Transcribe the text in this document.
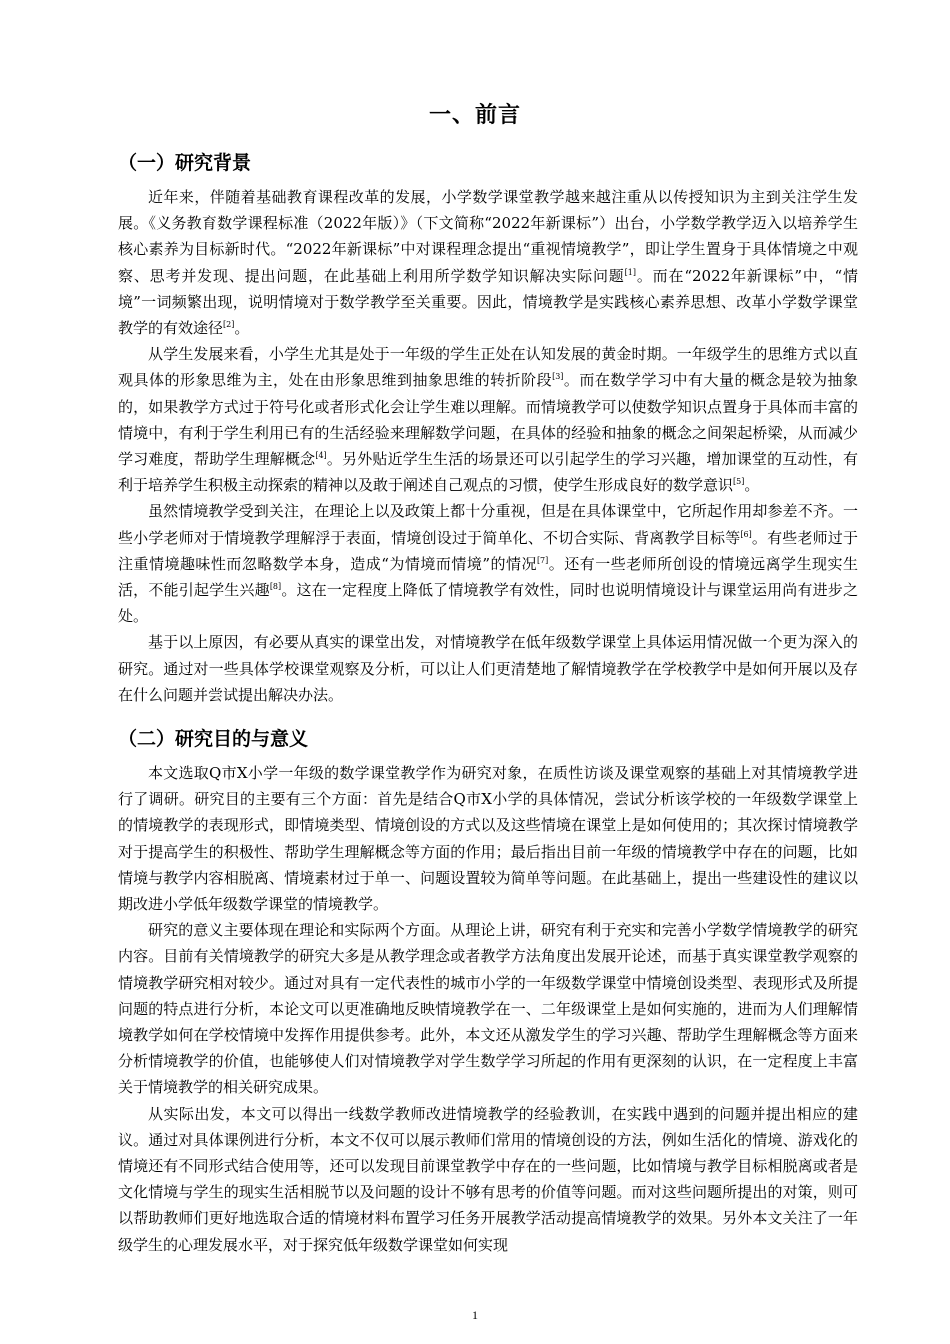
一、前言
（一）研究背景

近年来，伴随着基础教育课程改革的发展，小学数学课堂教学越来越注重从以传授知识为主到关注学生发展。《义务教育数学课程标准（2022年版）》（下文简称“2022年新课标”）出台，小学数学教学迈入以培养学生核心素养为目标新时代。“2022年新课标”中对课程理念提出“重视情境教学”，即让学生置身于具体情境之中观察、思考并发现、提出问题，在此基础上利用所学数学知识解决实际问题[1]。而在“2022年新课标”中，“情境”一词频繁出现，说明情境对于数学教学至关重要。因此，情境教学是实践核心素养思想、改革小学数学课堂教学的有效途径[2]。

从学生发展来看，小学生尤其是处于一年级的学生正处在认知发展的黄金时期。一年级学生的思维方式以直观具体的形象思维为主，处在由形象思维到抽象思维的转折阶段[3]。而在数学学习中有大量的概念是较为抽象的，如果教学方式过于符号化或者形式化会让学生难以理解。而情境教学可以使数学知识点置身于具体而丰富的情境中，有利于学生利用已有的生活经验来理解数学问题，在具体的经验和抽象的概念之间架起桥梁，从而减少学习难度，帮助学生理解概念[4]。另外贴近学生生活的场景还可以引起学生的学习兴趣，增加课堂的互动性，有利于培养学生积极主动探索的精神以及敢于阐述自己观点的习惯，使学生形成良好的数学意识[5]。

虽然情境教学受到关注，在理论上以及政策上都十分重视，但是在具体课堂中，它所起作用却参差不齐。一些小学老师对于情境教学理解浮于表面，情境创设过于简单化、不切合实际、背离教学目标等[6]。有些老师过于注重情境趣味性而忽略数学本身，造成“为情境而情境”的情况[7]。还有一些老师所创设的情境远离学生现实生活，不能引起学生兴趣[8]。这在一定程度上降低了情境教学有效性，同时也说明情境设计与课堂运用尚有进步之处。

基于以上原因，有必要从真实的课堂出发，对情境教学在低年级数学课堂上具体运用情况做一个更为深入的研究。通过对一些具体学校课堂观察及分析，可以让人们更清楚地了解情境教学在学校教学中是如何开展以及存在什么问题并尝试提出解决办法。

（二）研究目的与意义

本文选取Q市X小学一年级的数学课堂教学作为研究对象，在质性访谈及课堂观察的基础上对其情境教学进行了调研。研究目的主要有三个方面：首先是结合Q市X小学的具体情况，尝试分析该学校的一年级数学课堂上的情境教学的表现形式，即情境类型、情境创设的方式以及这些情境在课堂上是如何使用的；其次探讨情境教学对于提高学生的积极性、帮助学生理解概念等方面的作用；最后指出目前一年级的情境教学中存在的问题，比如情境与教学内容相脱离、情境素材过于单一、问题设置较为简单等问题。在此基础上，提出一些建设性的建议以期改进小学低年级数学课堂的情境教学。

研究的意义主要体现在理论和实际两个方面。从理论上讲，研究有利于充实和完善小学数学情境教学的研究内容。目前有关情境教学的研究大多是从教学理念或者教学方法角度出发展开论述，而基于真实课堂教学观察的情境教学研究相对较少。通过对具有一定代表性的城市小学的一年级数学课堂中情境创设类型、表现形式及所提问题的特点进行分析，本论文可以更准确地反映情境教学在一、二年级课堂上是如何实施的，进而为人们理解情境教学如何在学校情境中发挥作用提供参考。此外，本文还从激发学生的学习兴趣、帮助学生理解概念等方面来分析情境教学的价值，也能够使人们对情境教学对学生数学学习所起的作用有更深刻的认识，在一定程度上丰富关于情境教学的相关研究成果。

从实际出发，本文可以得出一线数学教师改进情境教学的经验教训，在实践中遇到的问题并提出相应的建议。通过对具体课例进行分析，本文不仅可以展示教师们常用的情境创设的方法，例如生活化的情境、游戏化的情境还有不同形式结合使用等，还可以发现目前课堂教学中存在的一些问题，比如情境与教学目标相脱离或者是文化情境与学生的现实生活相脱节以及问题的设计不够有思考的价值等问题。而对这些问题所提出的对策，则可以帮助教师们更好地选取合适的情境材料布置学习任务开展教学活动提高情境教学的效果。另外本文关注了一年级学生的心理发展水平，对于探究低年级数学课堂如何实现

1
